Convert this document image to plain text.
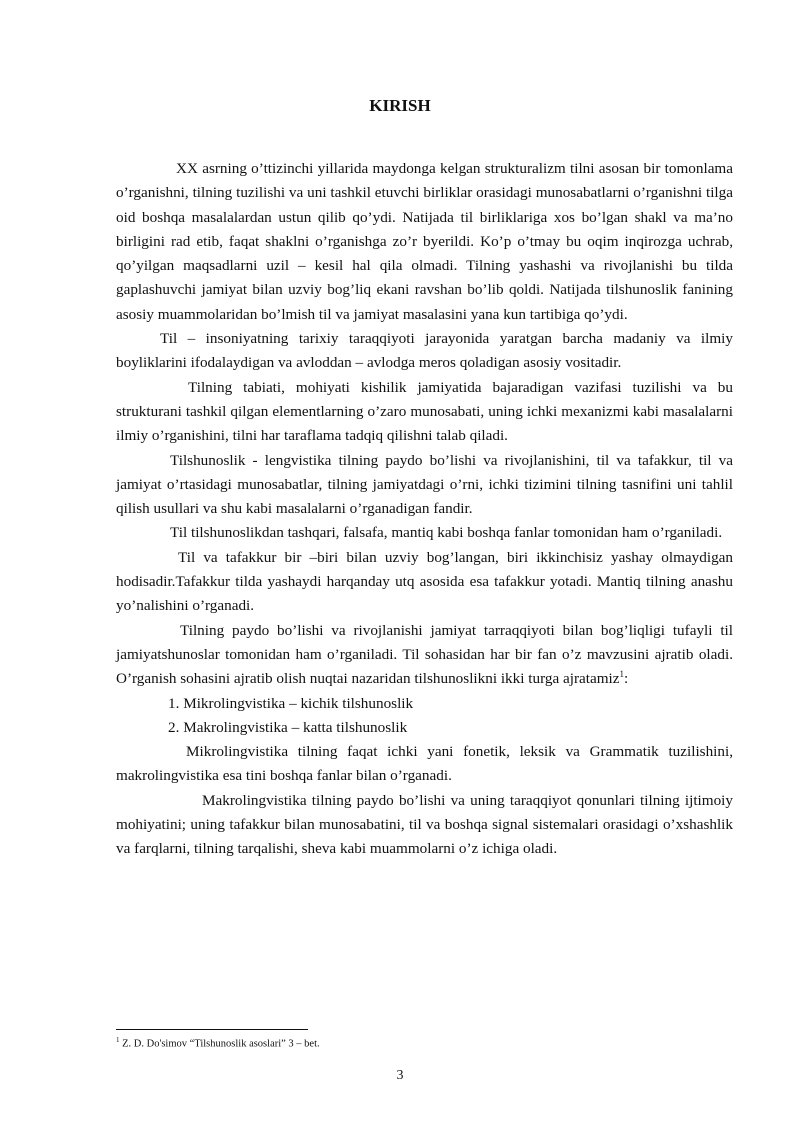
KIRISH

XX asrning o’ttizinchi yillarida maydonga kelgan strukturalizm tilni asosan bir tomonlama o’rganishni, tilning tuzilishi va uni tashkil etuvchi birliklar orasidagi munosabatlarni o’rganishni tilga oid boshqa masalalardan ustun qilib qo’ydi. Natijada til birliklariga xos bo’lgan shakl va ma’no birligini rad etib, faqat shaklni o’rganishga zo’r byerildi. Ko’p o’tmay bu oqim inqirozga uchrab, qo’yilgan maqsadlarni uzil – kesil hal qila olmadi. Tilning yashashi va rivojlanishi bu tilda gaplashuvchi jamiyat bilan uzviy bog’liq ekani ravshan bo’lib qoldi. Natijada tilshunoslik fanining asosiy muammolaridan bo’lmish til va jamiyat masalasini yana kun tartibiga qo’ydi.

Til – insoniyatning tarixiy taraqqiyoti jarayonida yaratgan barcha madaniy va ilmiy boyliklarini ifodalaydigan va avloddan – avlodga meros qoladigan asosiy vositadir.

Tilning tabiati, mohiyati kishilik jamiyatida bajaradigan vazifasi tuzilishi va bu strukturani tashkil qilgan elementlarning o’zaro munosabati, uning ichki mexanizmi kabi masalalarni ilmiy o’rganishini, tilni har taraflama tadqiq qilishni talab qiladi.

Tilshunoslik - lengvistika tilning paydo bo’lishi va rivojlanishini, til va tafakkur, til va jamiyat o’rtasidagi munosabatlar, tilning jamiyatdagi o’rni, ichki tizimini tilning tasnifini uni tahlil qilish usullari va shu kabi masalalarni o’rganadigan fandir.

Til tilshunoslikdan tashqari, falsafa, mantiq kabi boshqa fanlar tomonidan ham o’rganiladi.

Til va tafakkur bir –biri bilan uzviy bog’langan, biri ikkinchisiz yashay olmaydigan hodisadir.Tafakkur tilda yashaydi harqanday utq asosida esa tafakkur yotadi. Mantiq tilning anashu yo’nalishini o’rganadi.

Tilning paydo bo’lishi va rivojlanishi jamiyat tarraqqiyoti bilan bog’liqligi tufayli til jamiyatshunoslar tomonidan ham o’rganiladi. Til sohasidan har bir fan o’z mavzusini ajratib oladi. O’rganish sohasini ajratib olish nuqtai nazaridan tilshunoslikni ikki turga ajratamiz$^1$:

1. Mikrolingvistika – kichik tilshunoslik
2. Makrolingvistika – katta tilshunoslik

Mikrolingvistika tilning faqat ichki yani fonetik, leksik va Grammatik tuzilishini, makrolingvistika esa tini boshqa fanlar bilan o’rganadi.

Makrolingvistika tilning paydo bo’lishi va uning taraqqiyot qonunlari tilning ijtimoiy mohiyatini; uning tafakkur bilan munosabatini, til va boshqa signal sistemalari orasidagi o’xshashlik va farqlarni, tilning tarqalishi, sheva kabi muammolarni o’z ichiga oladi.

$^1$ Z. D. Do'simov “Tilshunoslik asoslari” 3 – bet.
3
